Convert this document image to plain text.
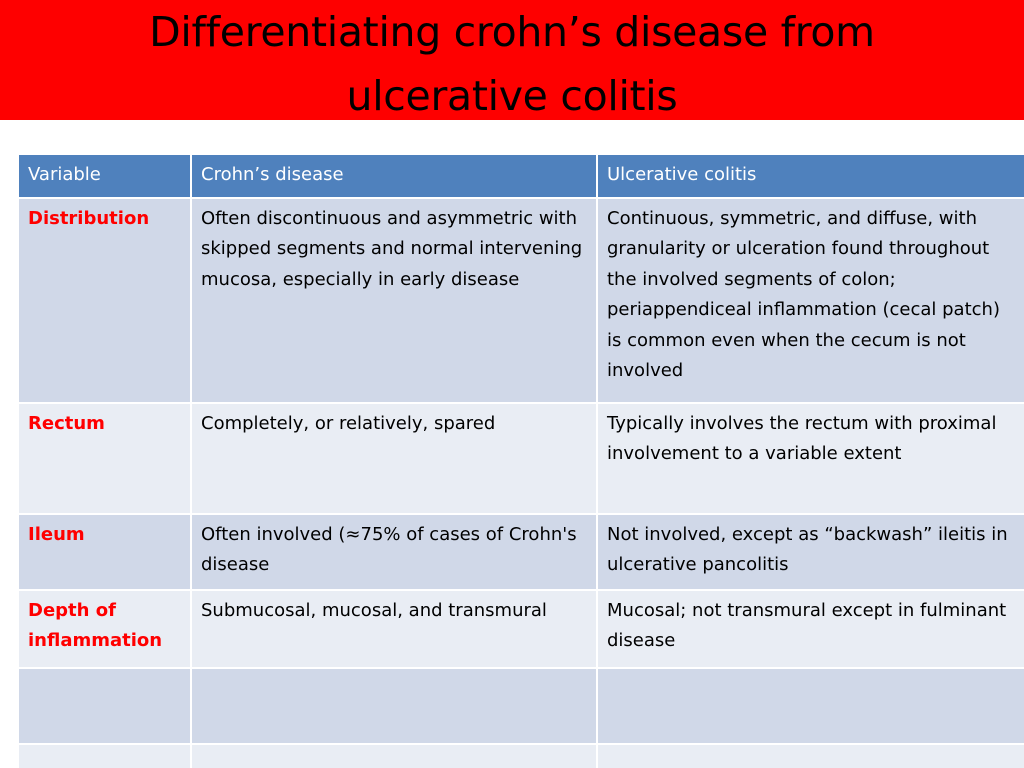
Differentiating crohn’s disease from
ulcerative colitis
Variable	Crohn’s disease	Ulcerative colitis
Distribution	Often discontinuous and asymmetric with skipped segments and normal intervening mucosa, especially in early disease	Continuous, symmetric, and diffuse, with granularity or ulceration found throughout the involved segments of colon; periappendiceal inflammation (cecal patch) is common even when the cecum is not involved
Rectum	Completely, or relatively, spared	Typically involves the rectum with proximal involvement to a variable extent
Ileum	Often involved (≈75% of cases of Crohn's disease	Not involved, except as “backwash” ileitis in ulcerative pancolitis
Depth of inflammation	Submucosal, mucosal, and transmural	Mucosal; not transmural except in fulminant disease
